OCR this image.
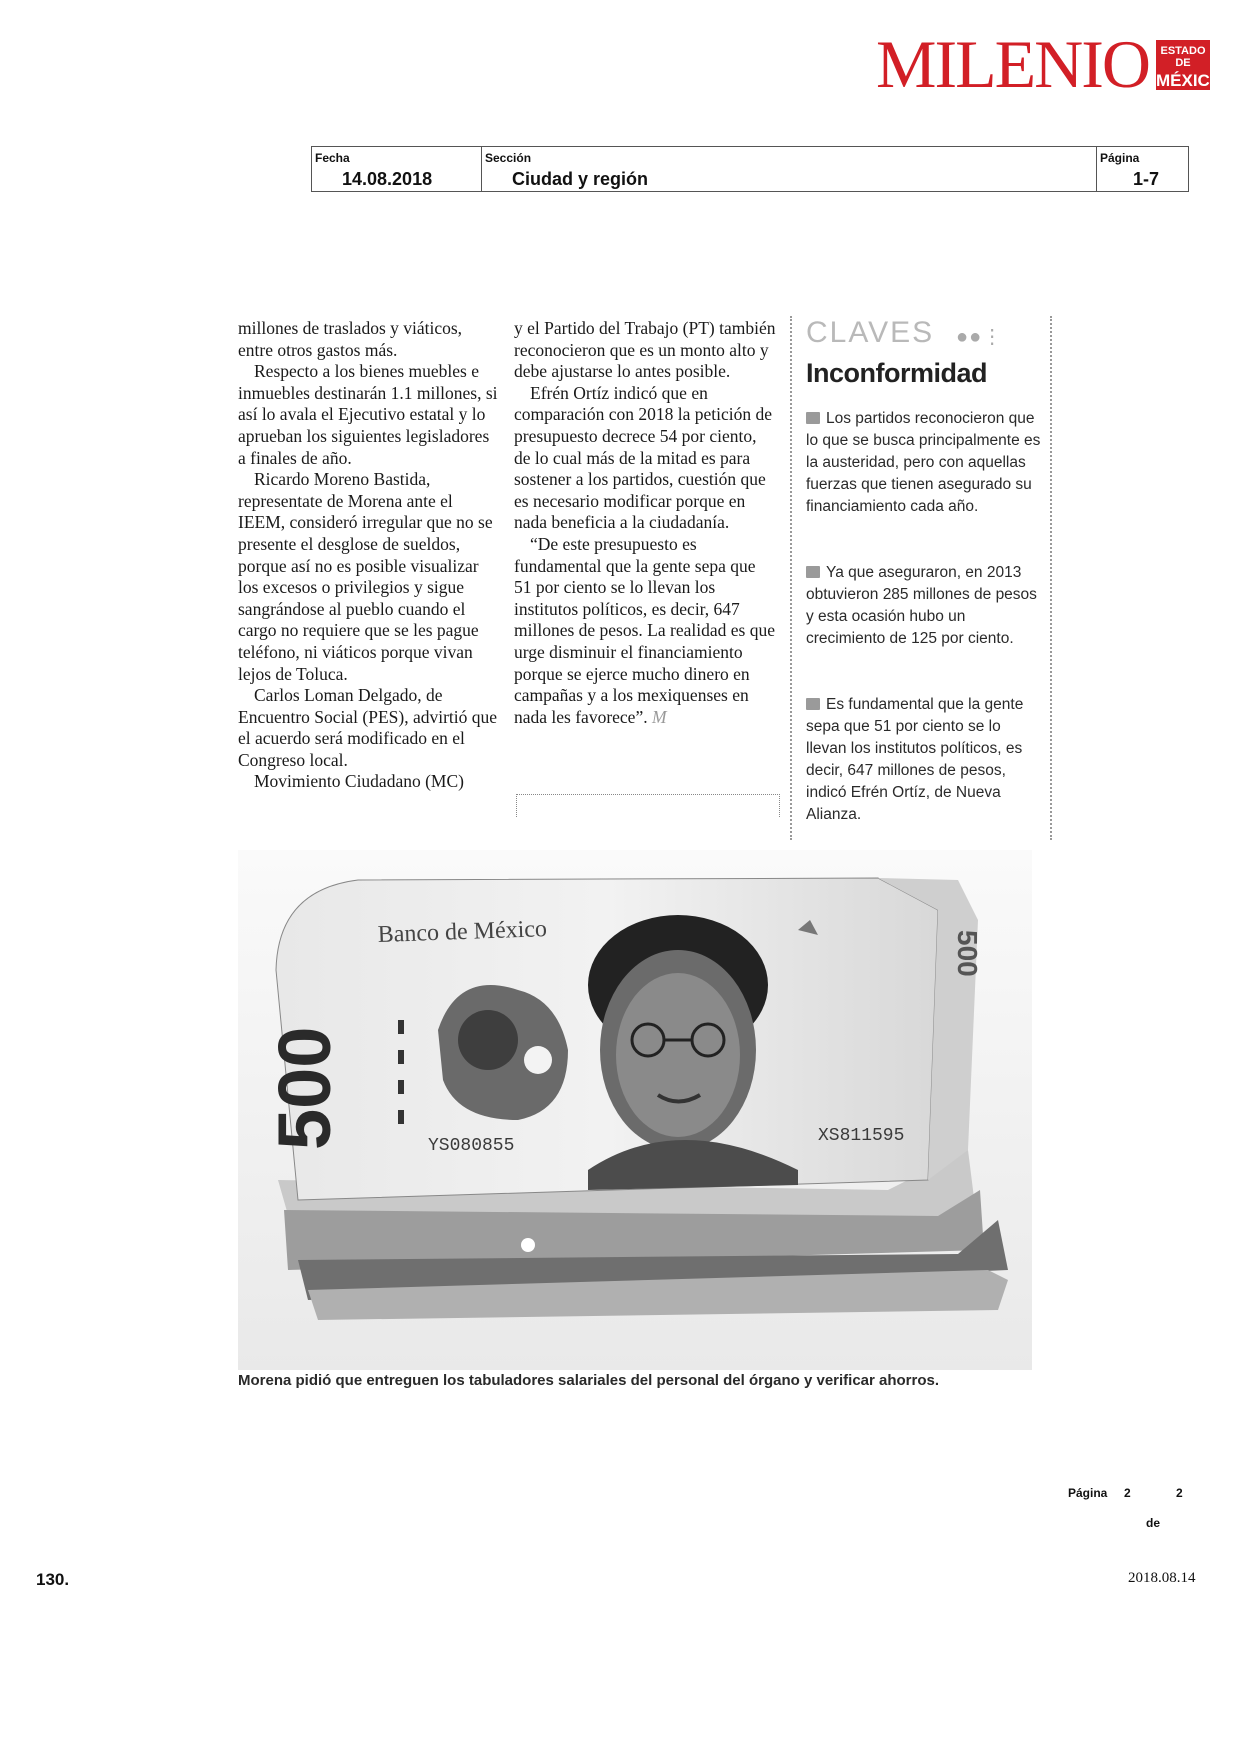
MILENIO	ESTADO DE
MÉXICO
Fecha
14.08.2018
Sección
Ciudad y región
Página
1-7

millones de traslados y viáticos, entre otros gastos más.

Respecto a los bienes muebles e inmuebles destinarán 1.1 millones, si así lo avala el Ejecutivo estatal y lo aprueban los siguientes legisladores a finales de año.

Ricardo Moreno Bastida, representate de Morena ante el IEEM, consideró irregular que no se presente el desglose de sueldos, porque así no es posible visualizar los excesos o privilegios y sigue sangrándose al pueblo cuando el cargo no requiere que se les pague teléfono, ni viáticos porque vivan lejos de Toluca.

Carlos Loman Delgado, de Encuentro Social (PES), advirtió que el acuerdo será modificado en el Congreso local.

Movimiento Ciudadano (MC)

y el Partido del Trabajo (PT) también reconocieron que es un monto alto y debe ajustarse lo antes posible.

Efrén Ortíz indicó que en comparación con 2018 la petición de presupuesto decrece 54 por ciento, de lo cual más de la mitad es para sostener a los partidos, cuestión que es necesario modificar porque en nada beneficia a la ciudadanía.

“De este presupuesto es fundamental que la gente sepa que 51 por ciento se lo llevan los institutos políticos, es decir, 647 millones de pesos. La realidad es que urge disminuir el financiamiento porque se ejerce mucho dinero en campañas y a los mexiquenses en nada les favorece”. M

CLAVES ●●⋮
Inconformidad
Los partidos reconocieron que lo que se busca principalmente es la austeridad, pero con aquellas fuerzas que tienen asegurado su financiamiento cada año.
Ya que aseguraron, en 2013 obtuvieron 285 millones de pesos y esta ocasión hubo un crecimiento de 125 por ciento.
Es fundamental que la gente sepa que 51 por ciento se lo llevan los institutos políticos, es decir, 647 millones de pesos, indicó Efrén Ortíz, de Nueva Alianza.
500
Banco de México
500	YS080855	XS811595
Morena pidió que entreguen los tabuladores salariales del personal del órgano y verificar ahorros.
Página 2	2
de
130.	2018.08.14
